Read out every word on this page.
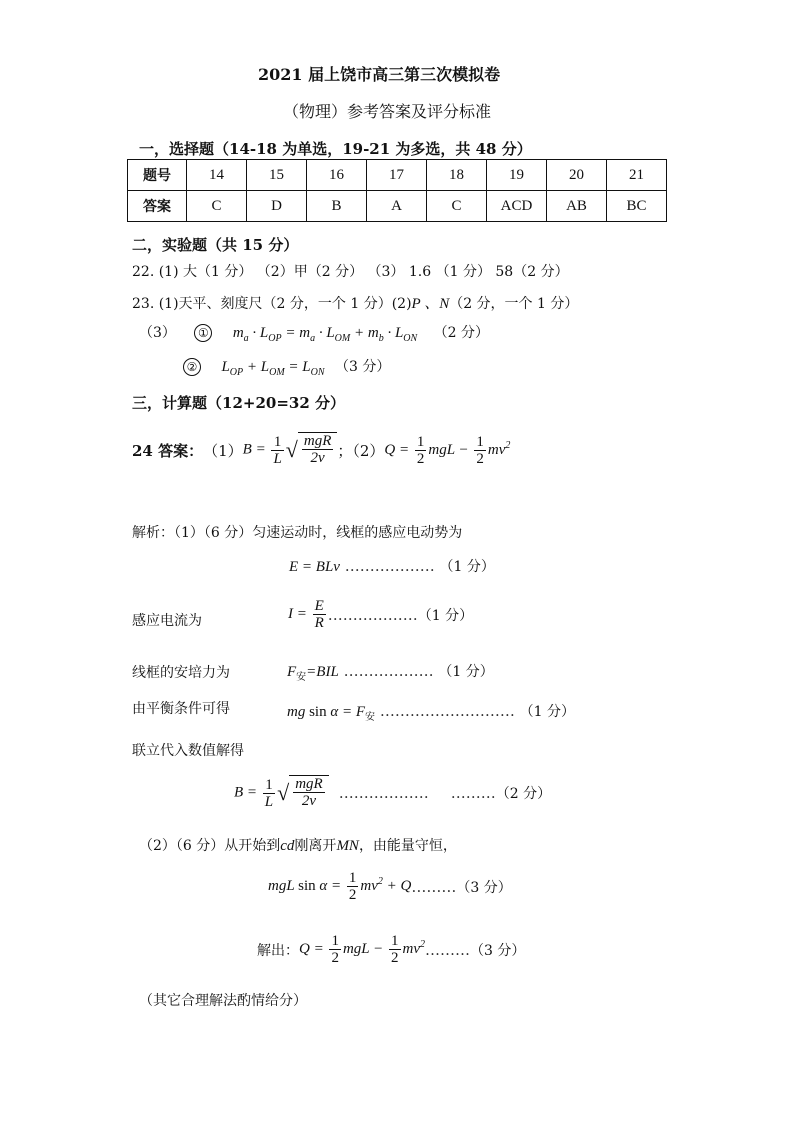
2021 届上饶市高三第三次模拟卷
（物理）参考答案及评分标准
一，选择题（14-18 为单选，19-21 为多选，共 48 分）
题号	14	15	16	17	18	19	20	21
答案	C	D	B	A	C	ACD	AB	BC
二，实验题（共 15 分）
22. (1) 大（1 分） （2）甲（2 分） （3） 1.6 （1 分） 58（2 分）
23. (1)天平、刻度尺（2 分，一个 1 分）(2)P 、N（2 分，一个 1 分）
（3） ① $m_a \cdot L_{OP} = m_a \cdot L_{OM} + m_b \cdot L_{ON}$ （2 分）
② $L_{OP} + L_{OM} = L_{ON}$ （3 分）
三，计算题（12+20=32 分）
24 答案： （1） $B = \frac{1}{L}$ √ $\frac{\text{mgR}}{2v}$ ；（2） $Q = \frac{1}{2}$ mgL − $\frac{1}{2} mv^2$
解析：（1）（6 分）匀速运动时，线框的感应电动势为
E = BLv ……………… （1 分）
感应电流为	$I = \frac{E}{R}$ ……………… （1 分）
线框的安培力为	$F_安=BIL$ ……………… （1 分）
由平衡条件可得	mg $\sin \alpha = F_安$ ……………………… （1 分）
联立代入数值解得
$B = \frac{1}{L}$ √ $\frac{\text{mgR}}{2v}$ ……………… ……… （2 分）
（2）（6 分）从开始到cd刚离开MN，由能量守恒，
mgL $\sin \alpha = \frac{1}{2} mv^2 + Q$ ……… （3 分）
解出： $Q = \frac{1}{2}$ mgL − $\frac{1}{2} mv^2$ ……… （3 分）
（其它合理解法酌情给分）
